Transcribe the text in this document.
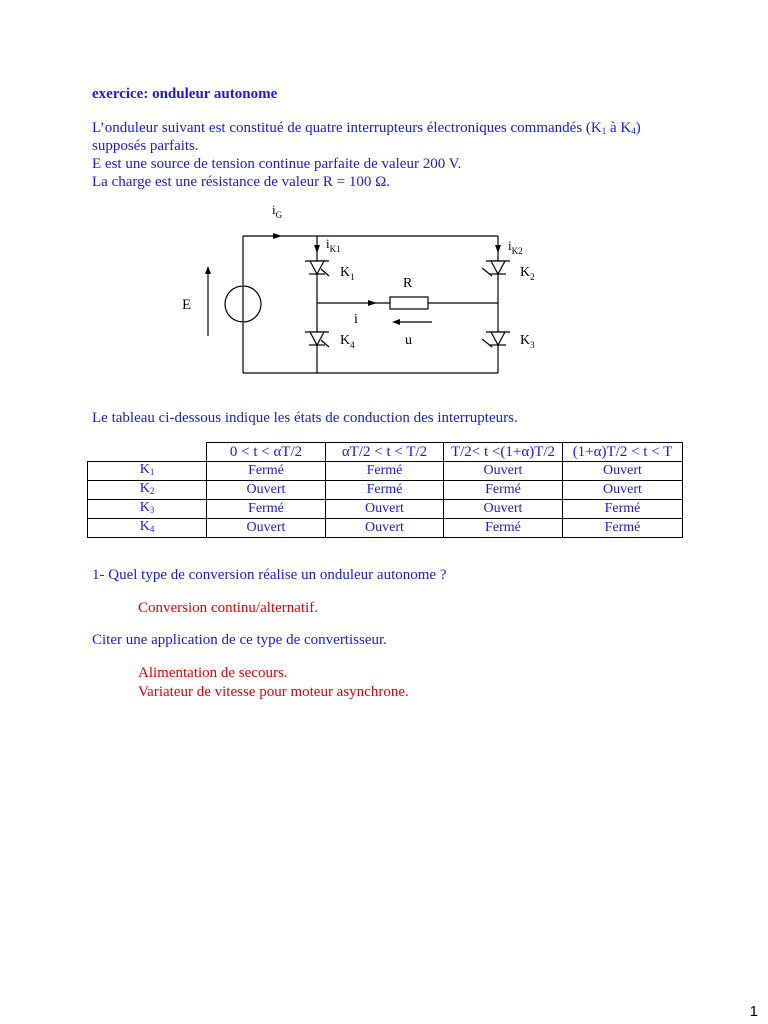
exercice: onduleur autonome
L’onduleur suivant est constitué de quatre interrupteurs électroniques commandés ($K_1$ à $K_4$)
supposés parfaits.
E est une source de tension continue parfaite de valeur 200 V.
La charge est une résistance de valeur R = 100 Ω.
E
$i_G$
$i_{K1}$	$i_{K2}$
$K_1$
$K_4$
$K_2$
$K_3$
R
i
u
Le tableau ci-dessous indique les états de conduction des interrupteurs.
	0 < t < αT/2	αT/2 < t < T/2	T/2< t <(1+α)T/2	(1+α)T/2 < t < T
$K_1$	Fermé	Fermé	Ouvert	Ouvert
$K_2$	Ouvert	Fermé	Fermé	Ouvert
$K_3$	Fermé	Ouvert	Ouvert	Fermé
$K_4$	Ouvert	Ouvert	Fermé	Fermé
1- Quel type de conversion réalise un onduleur autonome ?
Conversion continu/alternatif.
Citer une application de ce type de convertisseur.
Alimentation de secours.
Variateur de vitesse pour moteur asynchrone.
1
